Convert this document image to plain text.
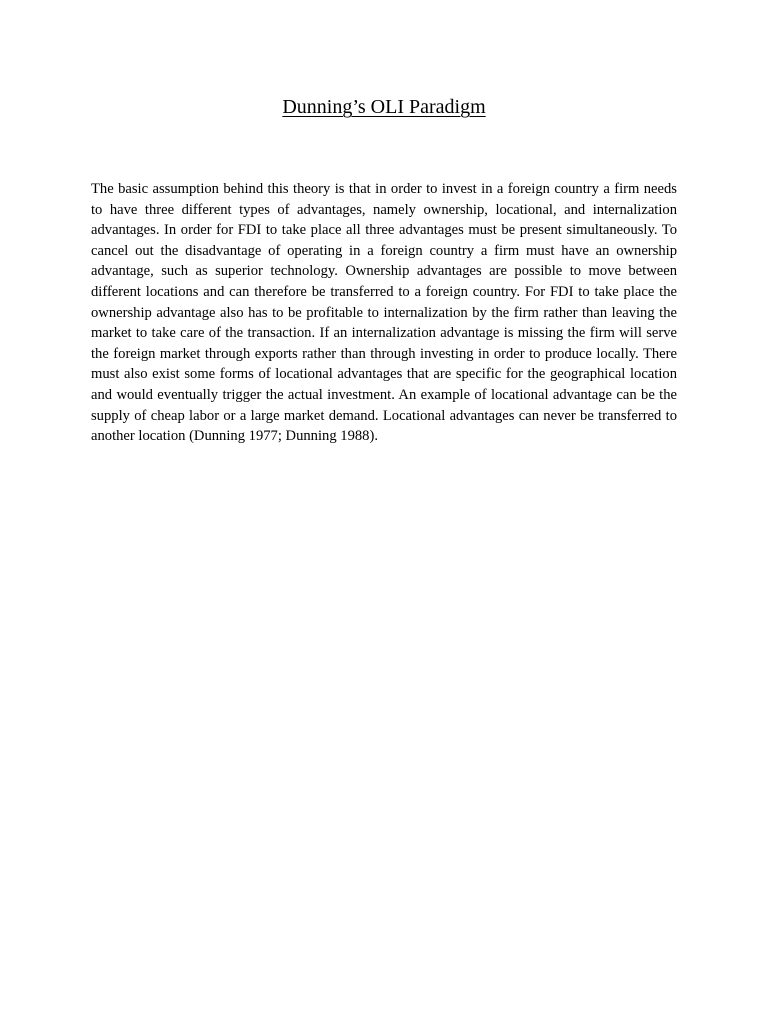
Dunning’s OLI Paradigm

The basic assumption behind this theory is that in order to invest in a foreign country a firm needs to have three different types of advantages, namely ownership, locational, and internalization advantages. In order for FDI to take place all three advantages must be present simultaneously. To cancel out the disadvantage of operating in a foreign country a firm must have an ownership advantage, such as superior technology. Ownership advantages are possible to move between different locations and can therefore be transferred to a foreign country. For FDI to take place the ownership advantage also has to be profitable to internalization by the firm rather than leaving the market to take care of the transaction. If an internalization advantage is missing the firm will serve the foreign market through exports rather than through investing in order to produce locally. There must also exist some forms of locational advantages that are specific for the geographical location and would eventually trigger the actual investment. An example of locational advantage can be the supply of cheap labor or a large market demand. Locational advantages can never be transferred to another location (Dunning 1977; Dunning 1988).
